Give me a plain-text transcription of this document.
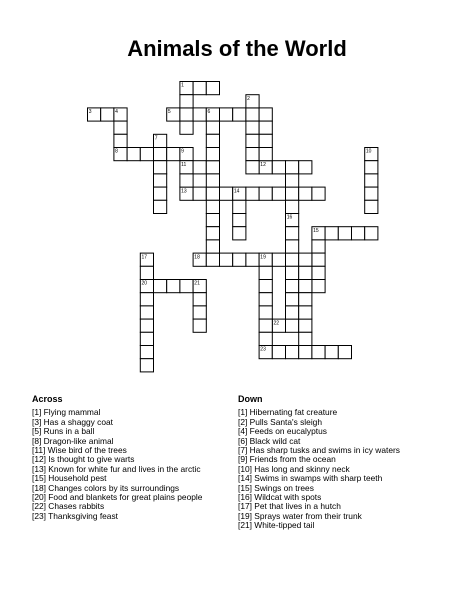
Animals of the World
1
2
3	4	5	6
7
8	9	10
11	12
13	14
15
16
17	18	19
20	21
22
23
Across
[1] Flying mammal
[3] Has a shaggy coat
[5] Runs in a ball
[8] Dragon-like animal
[11] Wise bird of the trees
[12] Is thought to give warts
[13] Known for white fur and lives in the arctic
[15] Household pest
[18] Changes colors by its surroundings
[20] Food and blankets for great plains people
[22] Chases rabbits
[23] Thanksgiving feast
Down
[1] Hibernating fat creature
[2] Pulls Santa's sleigh
[4] Feeds on eucalyptus
[6] Black wild cat
[7] Has sharp tusks and swims in icy waters
[9] Friends from the ocean
[10] Has long and skinny neck
[14] Swims in swamps with sharp teeth
[15] Swings on trees
[16] Wildcat with spots
[17] Pet that lives in a hutch
[19] Sprays water from their trunk
[21] White-tipped tail
